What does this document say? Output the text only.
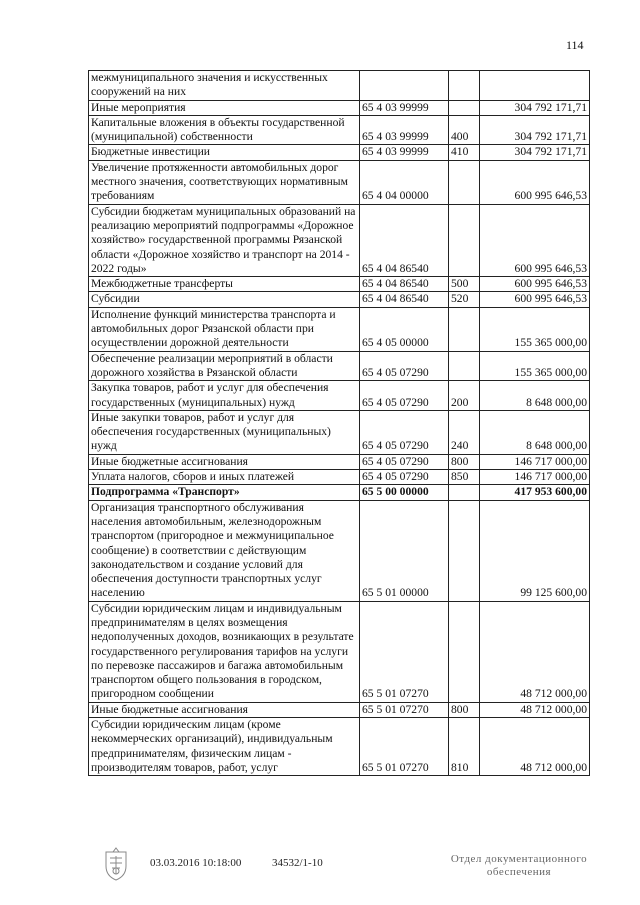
114
межмуниципального значения и искусственных сооружений на них			
Иные мероприятия	65 4 03 99999		304 792 171,71
Капитальные вложения в объекты государственной (муниципальной) собственности	65 4 03 99999	400	304 792 171,71
Бюджетные инвестиции	65 4 03 99999	410	304 792 171,71
Увеличение протяженности автомобильных дорог местного значения, соответствующих нормативным требованиям	65 4 04 00000		600 995 646,53
Субсидии бюджетам муниципальных образований на реализацию мероприятий подпрограммы «Дорожное хозяйство» государственной программы Рязанской области «Дорожное хозяйство и транспорт на 2014 - 2022 годы»	65 4 04 86540		600 995 646,53
Межбюджетные трансферты	65 4 04 86540	500	600 995 646,53
Субсидии	65 4 04 86540	520	600 995 646,53
Исполнение функций министерства транспорта и автомобильных дорог Рязанской области при осуществлении дорожной деятельности	65 4 05 00000		155 365 000,00
Обеспечение реализации мероприятий в области дорожного хозяйства в Рязанской области	65 4 05 07290		155 365 000,00
Закупка товаров, работ и услуг для обеспечения государственных (муниципальных) нужд	65 4 05 07290	200	8 648 000,00
Иные закупки товаров, работ и услуг для обеспечения государственных (муниципальных) нужд	65 4 05 07290	240	8 648 000,00
Иные бюджетные ассигнования	65 4 05 07290	800	146 717 000,00
Уплата налогов, сборов и иных платежей	65 4 05 07290	850	146 717 000,00
Подпрограмма «Транспорт»	65 5 00 00000		417 953 600,00
Организация транспортного обслуживания населения автомобильным, железнодорожным транспортом (пригородное и межмуниципальное сообщение) в соответствии с действующим законодательством и создание условий для обеспечения доступности транспортных услуг населению	65 5 01 00000		99 125 600,00
Субсидии юридическим лицам и индивидуальным предпринимателям в целях возмещения недополученных доходов, возникающих в результате государственного регулирования тарифов на услуги по перевозке пассажиров и багажа автомобильным транспортом общего пользования в городском, пригородном сообщении	65 5 01 07270		48 712 000,00
Иные бюджетные ассигнования	65 5 01 07270	800	48 712 000,00
Субсидии юридическим лицам (кроме некоммерческих организаций), индивидуальным предпринимателям, физическим лицам - производителям товаров, работ, услуг	65 5 01 07270	810	48 712 000,00
03.03.2016 10:18:00	34532/1-10	Отдел документационного обеспечения
